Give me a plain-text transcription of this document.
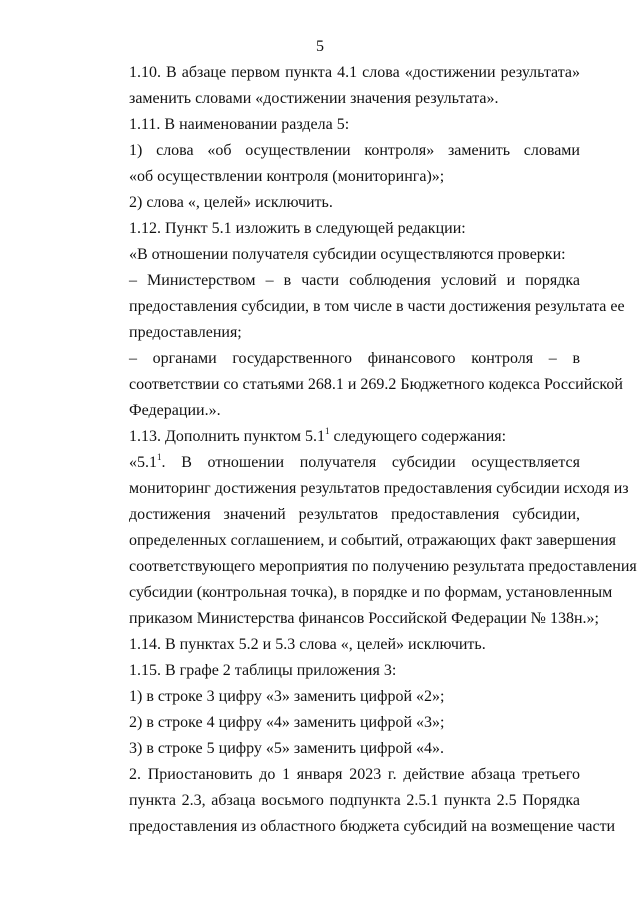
5
1.10. В абзаце первом пункта 4.1 слова «достижении результата»
заменить словами «достижении значения результата».
1.11. В наименовании раздела 5:
1) слова «об осуществлении контроля» заменить словами
«об осуществлении контроля (мониторинга)»;
2) слова «, целей» исключить.
1.12. Пункт 5.1 изложить в следующей редакции:
«В отношении получателя субсидии осуществляются проверки:
– Министерством – в части соблюдения условий и порядка
предоставления субсидии, в том числе в части достижения результата ее
предоставления;
– органами государственного финансового контроля – в
соответствии со статьями 268.1 и 269.2 Бюджетного кодекса Российской
Федерации.».
1.13. Дополнить пунктом $5.1^1$ следующего содержания:
«$5.1^1$. В отношении получателя субсидии осуществляется
мониторинг достижения результатов предоставления субсидии исходя из
достижения значений результатов предоставления субсидии,
определенных соглашением, и событий, отражающих факт завершения
соответствующего мероприятия по получению результата предоставления
субсидии (контрольная точка), в порядке и по формам, установленным
приказом Министерства финансов Российской Федерации № 138н.»;
1.14. В пунктах 5.2 и 5.3 слова «, целей» исключить.
1.15. В графе 2 таблицы приложения 3:
1) в строке 3 цифру «3» заменить цифрой «2»;
2) в строке 4 цифру «4» заменить цифрой «3»;
3) в строке 5 цифру «5» заменить цифрой «4».
2. Приостановить до 1 января 2023 г. действие абзаца третьего
пункта 2.3, абзаца восьмого подпункта 2.5.1 пункта 2.5 Порядка
предоставления из областного бюджета субсидий на возмещение части
